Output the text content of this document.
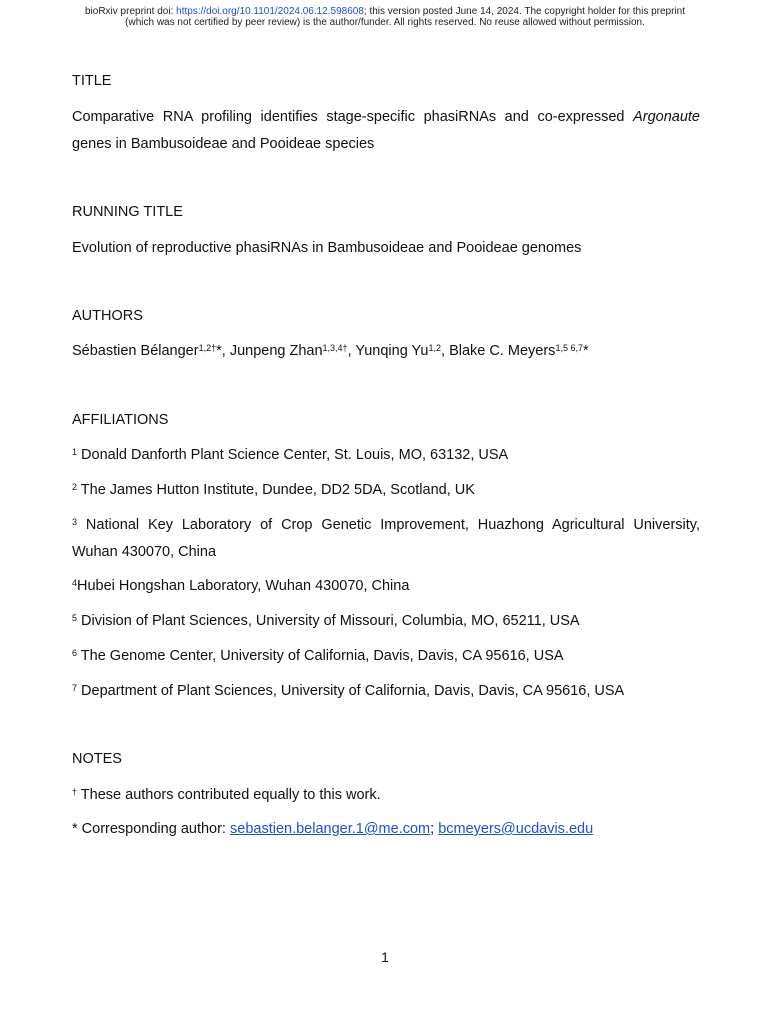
bioRxiv preprint doi: https://doi.org/10.1101/2024.06.12.598608; this version posted June 14, 2024. The copyright holder for this preprint
(which was not certified by peer review) is the author/funder. All rights reserved. No reuse allowed without permission.
TITLE
Comparative RNA profiling identifies stage-specific phasiRNAs and co-expressed Argonaute
genes in Bambusoideae and Pooideae species
RUNNING TITLE
Evolution of reproductive phasiRNAs in Bambusoideae and Pooideae genomes
AUTHORS
Sébastien Bélanger$^{1,2\dagger}$*, Junpeng Zhan$^{1,3,4\dagger}$, Yunqing Yu$^{1,2}$, Blake C. Meyers$^{1,5 6,7}$*
AFFILIATIONS
$^1$ Donald Danforth Plant Science Center, St. Louis, MO, 63132, USA
$^2$ The James Hutton Institute, Dundee, DD2 5DA, Scotland, UK
$^3$ National Key Laboratory of Crop Genetic Improvement, Huazhong Agricultural University,
Wuhan 430070, China
$^4$Hubei Hongshan Laboratory, Wuhan 430070, China
$^5$ Division of Plant Sciences, University of Missouri, Columbia, MO, 65211, USA
$^6$ The Genome Center, University of California, Davis, Davis, CA 95616, USA
$^7$ Department of Plant Sciences, University of California, Davis, Davis, CA 95616, USA
NOTES
† These authors contributed equally to this work.
* Corresponding author: sebastien.belanger.1@me.com; bcmeyers@ucdavis.edu
1
